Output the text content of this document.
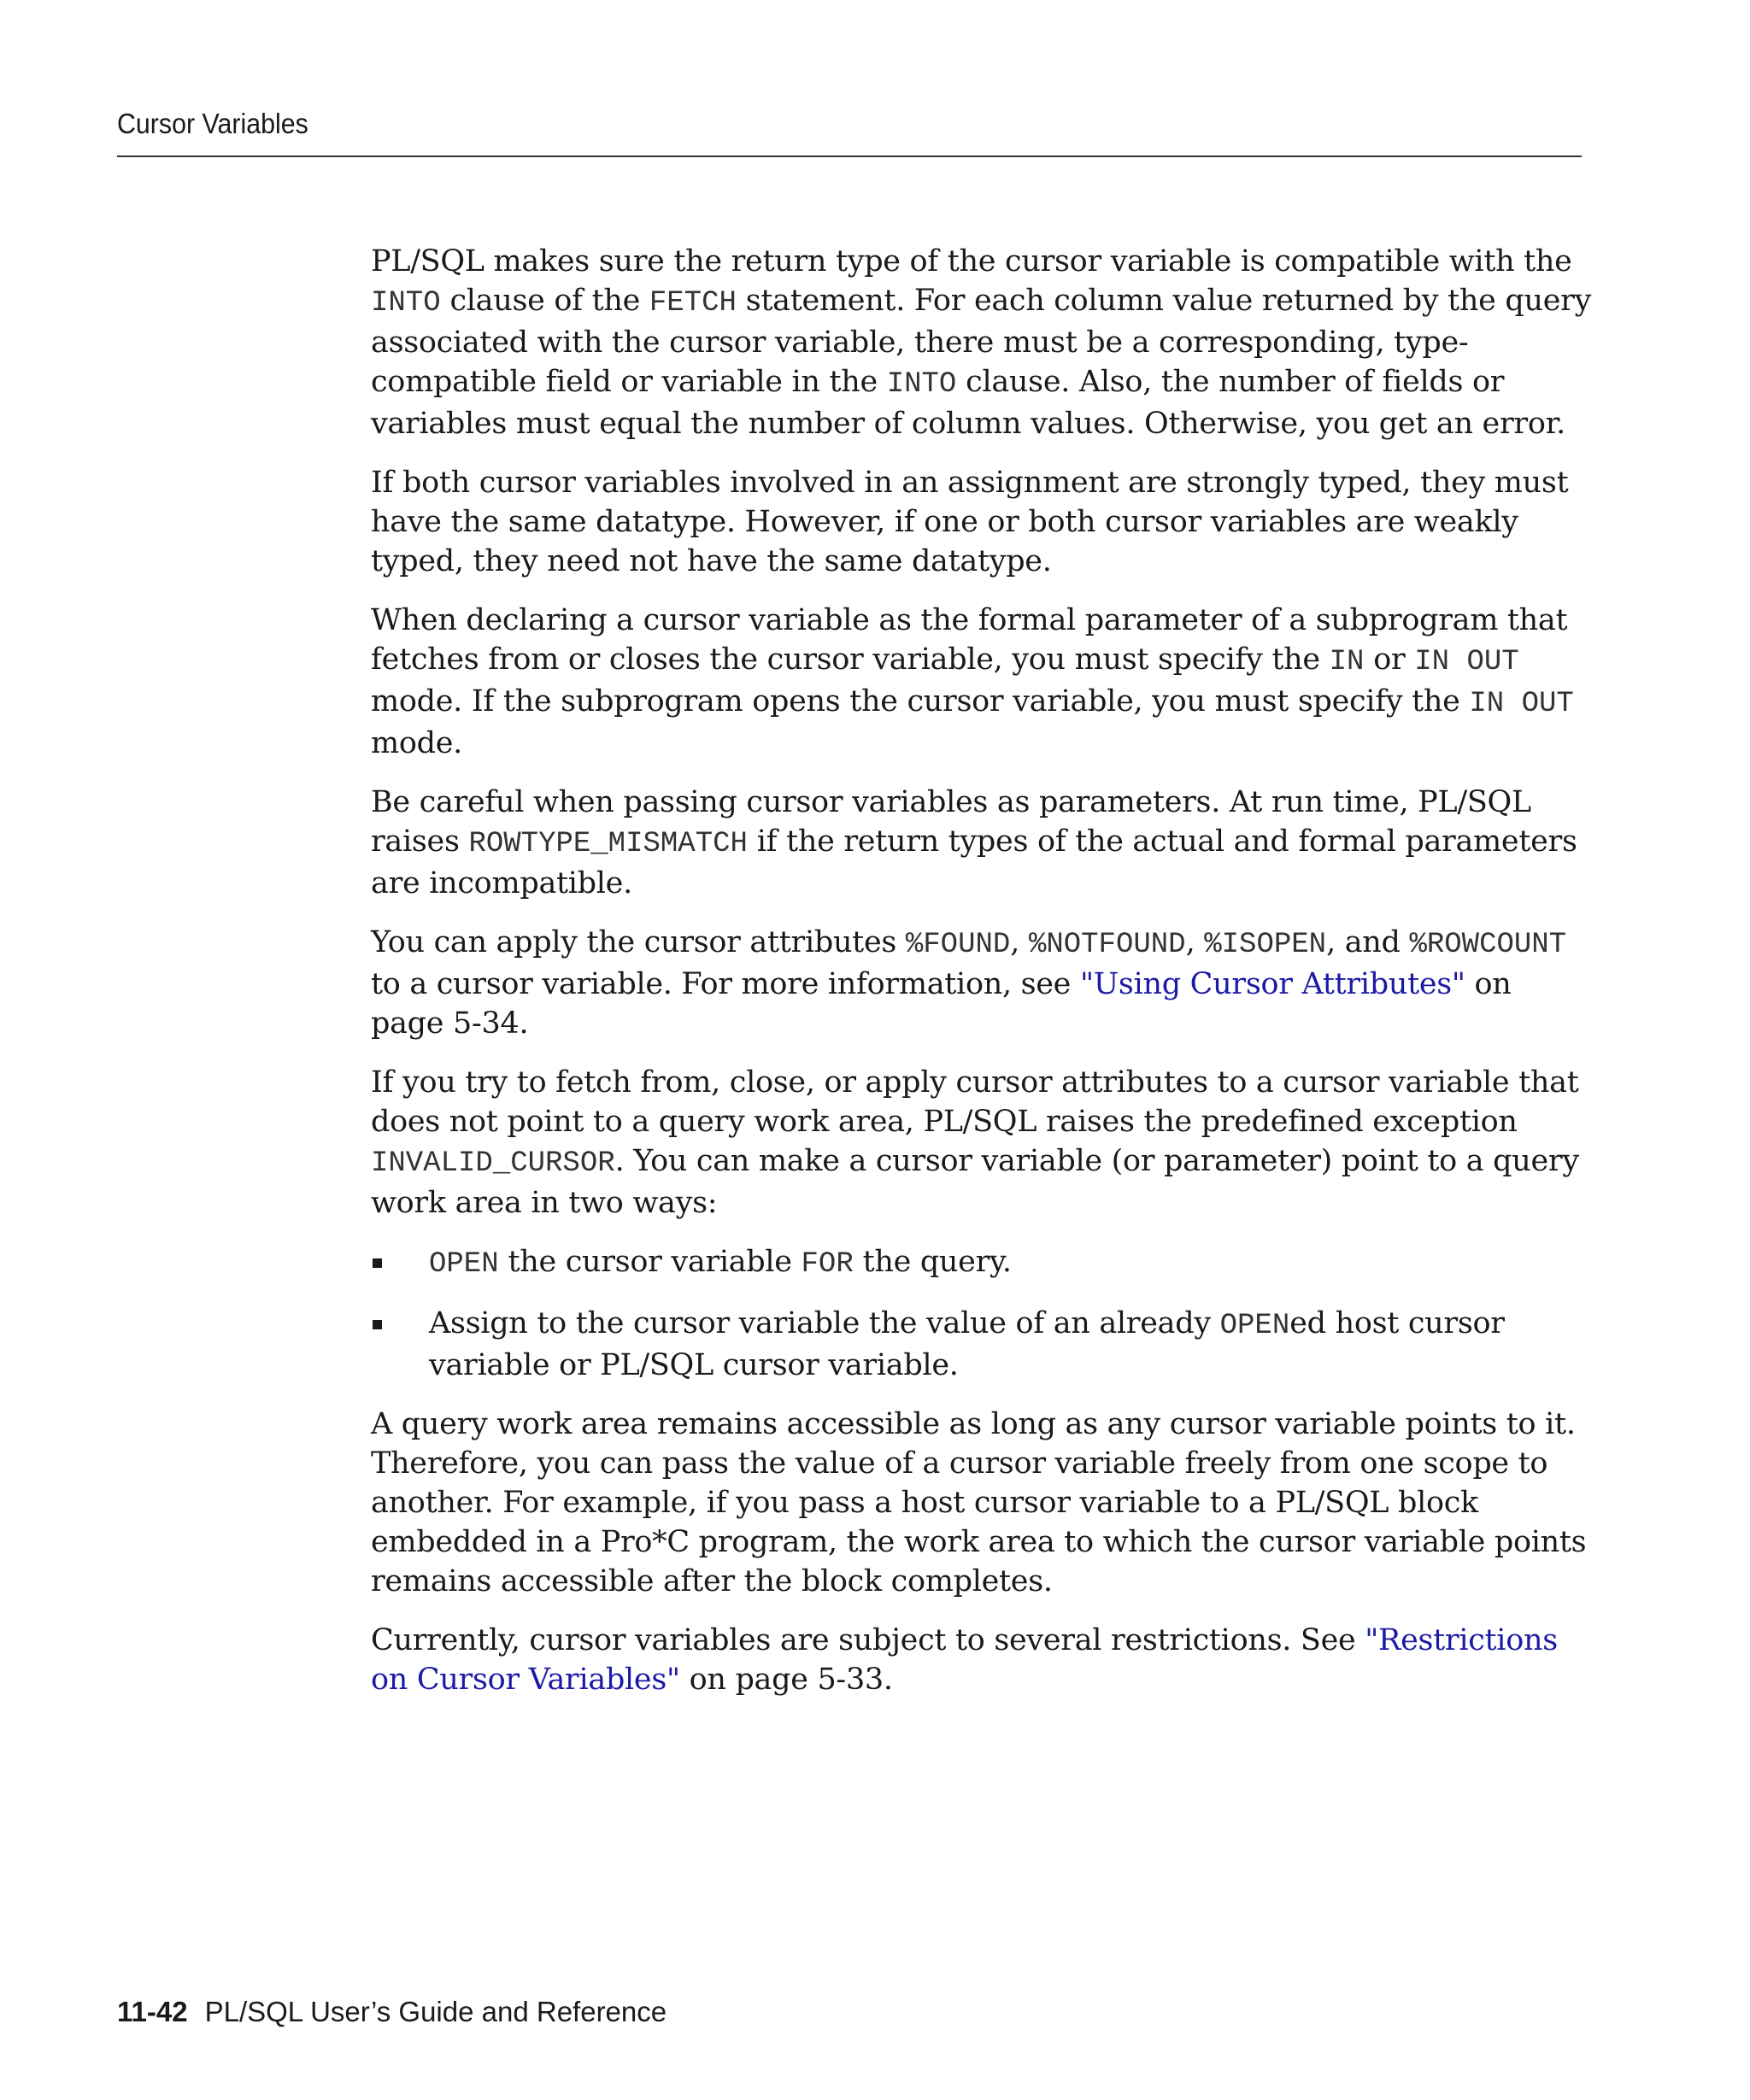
Cursor Variables

PL/SQL makes sure the return type of the cursor variable is compatible with the INTO clause of the FETCH statement. For each column value returned by the query associated with the cursor variable, there must be a corresponding, type-compatible field or variable in the INTO clause. Also, the number of fields or variables must equal the number of column values. Otherwise, you get an error.

If both cursor variables involved in an assignment are strongly typed, they must have the same datatype. However, if one or both cursor variables are weakly typed, they need not have the same datatype.

When declaring a cursor variable as the formal parameter of a subprogram that fetches from or closes the cursor variable, you must specify the IN or IN OUT mode. If the subprogram opens the cursor variable, you must specify the IN OUT mode.

Be careful when passing cursor variables as parameters. At run time, PL/SQL raises ROWTYPE_MISMATCH if the return types of the actual and formal parameters are incompatible.

You can apply the cursor attributes %FOUND, %NOTFOUND, %ISOPEN, and %ROWCOUNT to a cursor variable. For more information, see "Using Cursor Attributes" on page 5-34.

If you try to fetch from, close, or apply cursor attributes to a cursor variable that does not point to a query work area, PL/SQL raises the predefined exception INVALID_CURSOR. You can make a cursor variable (or parameter) point to a query work area in two ways:

OPEN the cursor variable FOR the query.
Assign to the cursor variable the value of an already OPENed host cursor variable or PL/SQL cursor variable.

A query work area remains accessible as long as any cursor variable points to it. Therefore, you can pass the value of a cursor variable freely from one scope to another. For example, if you pass a host cursor variable to a PL/SQL block embedded in a Pro*C program, the work area to which the cursor variable points remains accessible after the block completes.

Currently, cursor variables are subject to several restrictions. See "Restrictions on Cursor Variables" on page 5-33.

11-42 PL/SQL User’s Guide and Reference
